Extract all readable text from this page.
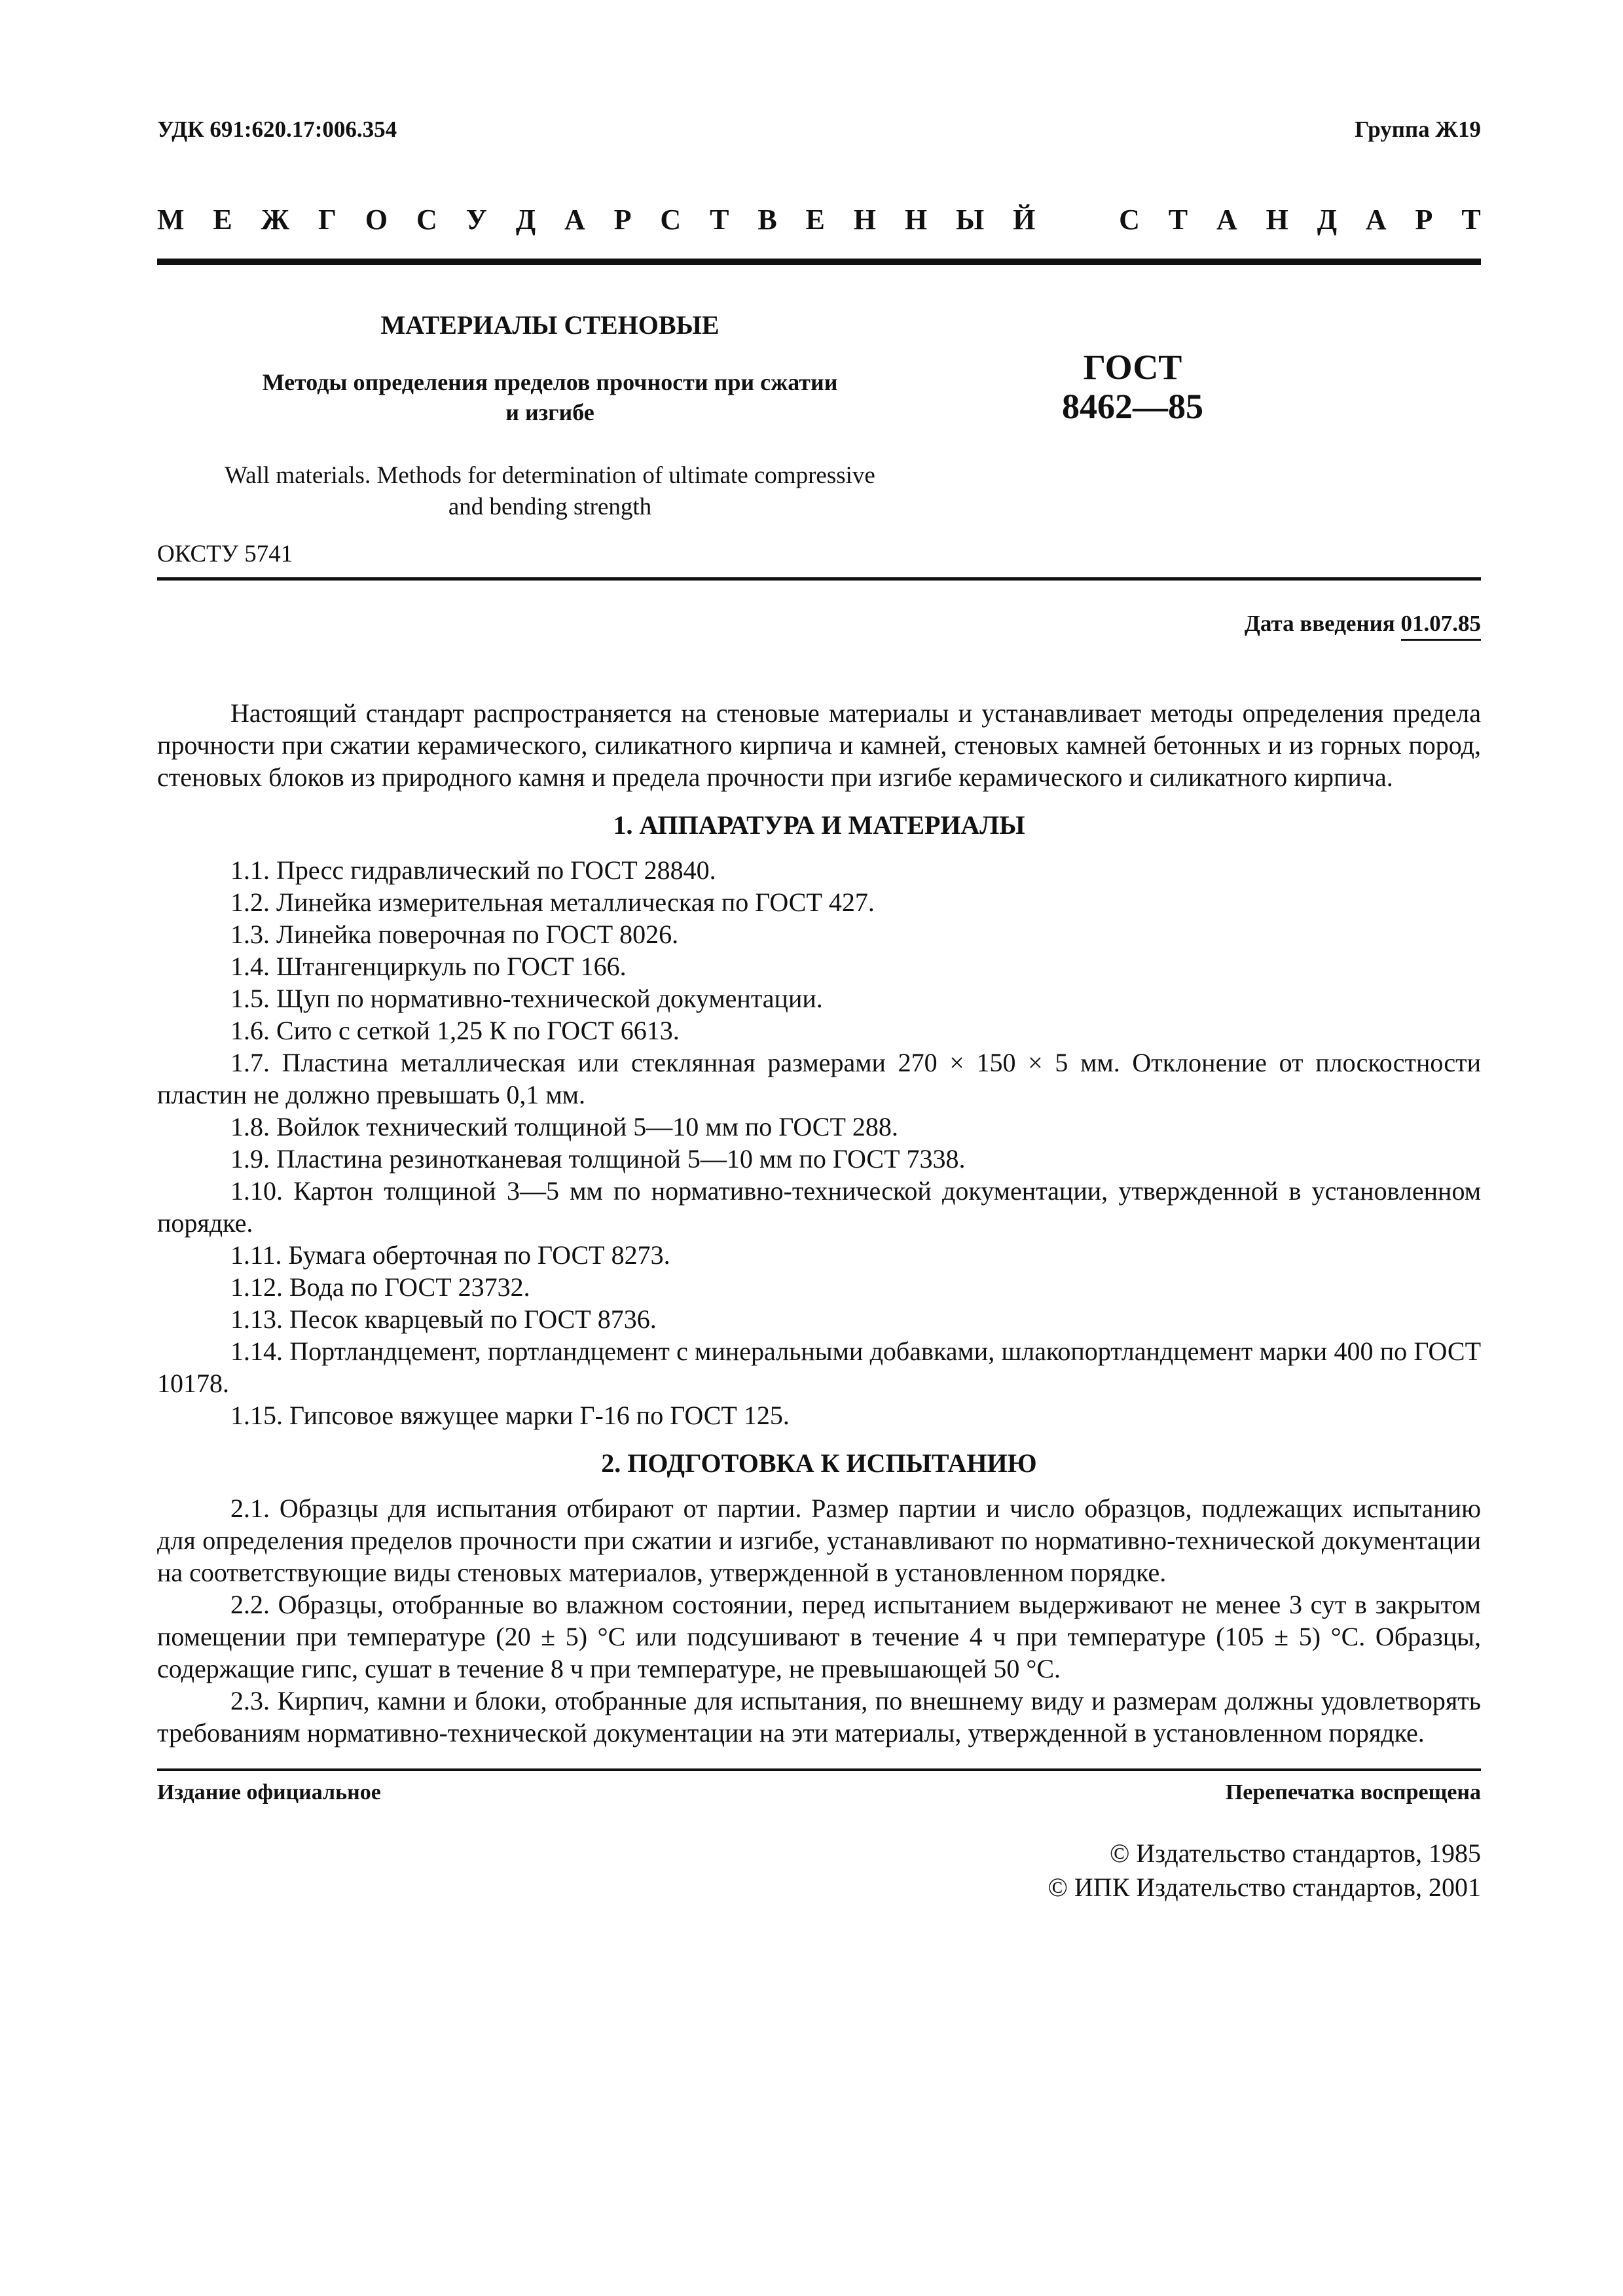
УДК 691:620.17:006.354	Группа Ж19
М Е Ж Г О С У Д А Р С Т В Е Н Н Ы Й	С Т А Н Д А Р Т
МАТЕРИАЛЫ СТЕНОВЫЕ
Методы определения пределов прочности при сжатии
и изгибе
ГОСТ
8462—85
Wall materials. Methods for determination of ultimate compressive
and bending strength
ОКСТУ 5741
Дата введения 01.07.85
Настоящий стандарт распространяется на стеновые материалы и устанавливает методы определения предела прочности при сжатии керамического, силикатного кирпича и камней, стеновых камней бетонных и из горных пород, стеновых блоков из природного камня и предела прочности при изгибе керамического и силикатного кирпича.
1. АППАРАТУРА И МАТЕРИАЛЫ
1.1. Пресс гидравлический по ГОСТ 28840.
1.2. Линейка измерительная металлическая по ГОСТ 427.
1.3. Линейка поверочная по ГОСТ 8026.
1.4. Штангенциркуль по ГОСТ 166.
1.5. Щуп по нормативно-технической документации.
1.6. Сито с сеткой 1,25 К по ГОСТ 6613.
1.7. Пластина металлическая или стеклянная размерами 270 × 150 × 5 мм. Отклонение от плоскостности пластин не должно превышать 0,1 мм.
1.8. Войлок технический толщиной 5—10 мм по ГОСТ 288.
1.9. Пластина резинотканевая толщиной 5—10 мм по ГОСТ 7338.
1.10. Картон толщиной 3—5 мм по нормативно-технической документации, утвержденной в установленном порядке.
1.11. Бумага оберточная по ГОСТ 8273.
1.12. Вода по ГОСТ 23732.
1.13. Песок кварцевый по ГОСТ 8736.
1.14. Портландцемент, портландцемент с минеральными добавками, шлакопортландцемент марки 400 по ГОСТ 10178.
1.15. Гипсовое вяжущее марки Г-16 по ГОСТ 125.
2. ПОДГОТОВКА К ИСПЫТАНИЮ
2.1. Образцы для испытания отбирают от партии. Размер партии и число образцов, подлежащих испытанию для определения пределов прочности при сжатии и изгибе, устанавливают по нормативно-технической документации на соответствующие виды стеновых материалов, утвержденной в установленном порядке.
2.2. Образцы, отобранные во влажном состоянии, перед испытанием выдерживают не менее 3 сут в закрытом помещении при температуре (20 ± 5) °С или подсушивают в течение 4 ч при температуре (105 ± 5) °С. Образцы, содержащие гипс, сушат в течение 8 ч при температуре, не превышающей 50 °С.
2.3. Кирпич, камни и блоки, отобранные для испытания, по внешнему виду и размерам должны удовлетворять требованиям нормативно-технической документации на эти материалы, утвержденной в установленном порядке.
Издание официальное	Перепечатка воспрещена
© Издательство стандартов, 1985
© ИПК Издательство стандартов, 2001
